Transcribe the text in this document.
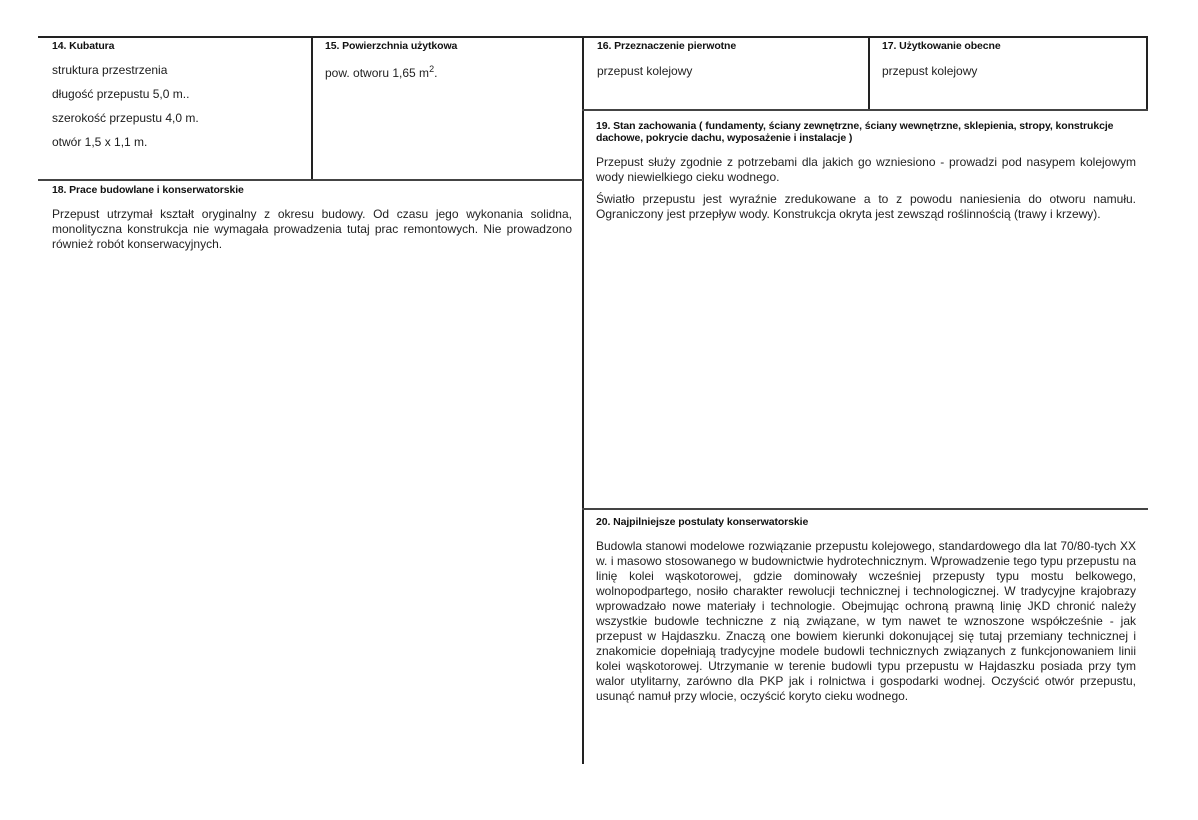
14. Kubatura
struktura przestrzenia
długość przepustu 5,0 m..
szerokość przepustu 4,0 m.
otwór 1,5 x 1,1 m.
15. Powierzchnia użytkowa
pow. otworu 1,65 $m^2$.
16. Przeznaczenie pierwotne
przepust kolejowy
17. Użytkowanie obecne
przepust kolejowy
18. Prace budowlane i konserwatorskie
Przepust utrzymał kształt oryginalny z okresu budowy. Od czasu jego wykonania solidna, monolityczna konstrukcja nie wymagała prowadzenia tutaj prac remontowych. Nie prowadzono również robót konserwacyjnych.
19. Stan zachowania ( fundamenty, ściany zewnętrzne, ściany wewnętrzne, sklepienia, stropy, konstrukcje dachowe, pokrycie dachu, wyposażenie i instalacje )
Przepust służy zgodnie z potrzebami dla jakich go wzniesiono - prowadzi pod nasypem kolejowym wody niewielkiego cieku wodnego.
Światło przepustu jest wyraźnie zredukowane a to z powodu naniesienia do otworu namułu. Ograniczony jest przepływ wody. Konstrukcja okryta jest zewsząd roślinnością (trawy i krzewy).
20. Najpilniejsze postulaty konserwatorskie
Budowla stanowi modelowe rozwiązanie przepustu kolejowego, standardowego dla lat 70/80-tych XX w. i masowo stosowanego w budownictwie hydrotechnicznym. Wprowadzenie tego typu przepustu na linię kolei wąskotorowej, gdzie dominowały wcześniej przepusty typu mostu belkowego, wolnopodpartego, nosiło charakter rewolucji technicznej i technologicznej. W tradycyjne krajobrazy wprowadzało nowe materiały i technologie. Obejmując ochroną prawną linię JKD chronić należy wszystkie budowle techniczne z nią związane, w tym nawet te wznoszone współcześnie - jak przepust w Hajdaszku. Znaczą one bowiem kierunki dokonującej się tutaj przemiany technicznej i znakomicie dopełniają tradycyjne modele budowli technicznych związanych z funkcjonowaniem linii kolei wąskotorowej. Utrzymanie w terenie budowli typu przepustu w Hajdaszku posiada przy tym walor utylitarny, zarówno dla PKP jak i rolnictwa i gospodarki wodnej. Oczyścić otwór przepustu, usunąć namuł przy wlocie, oczyścić koryto cieku wodnego.
